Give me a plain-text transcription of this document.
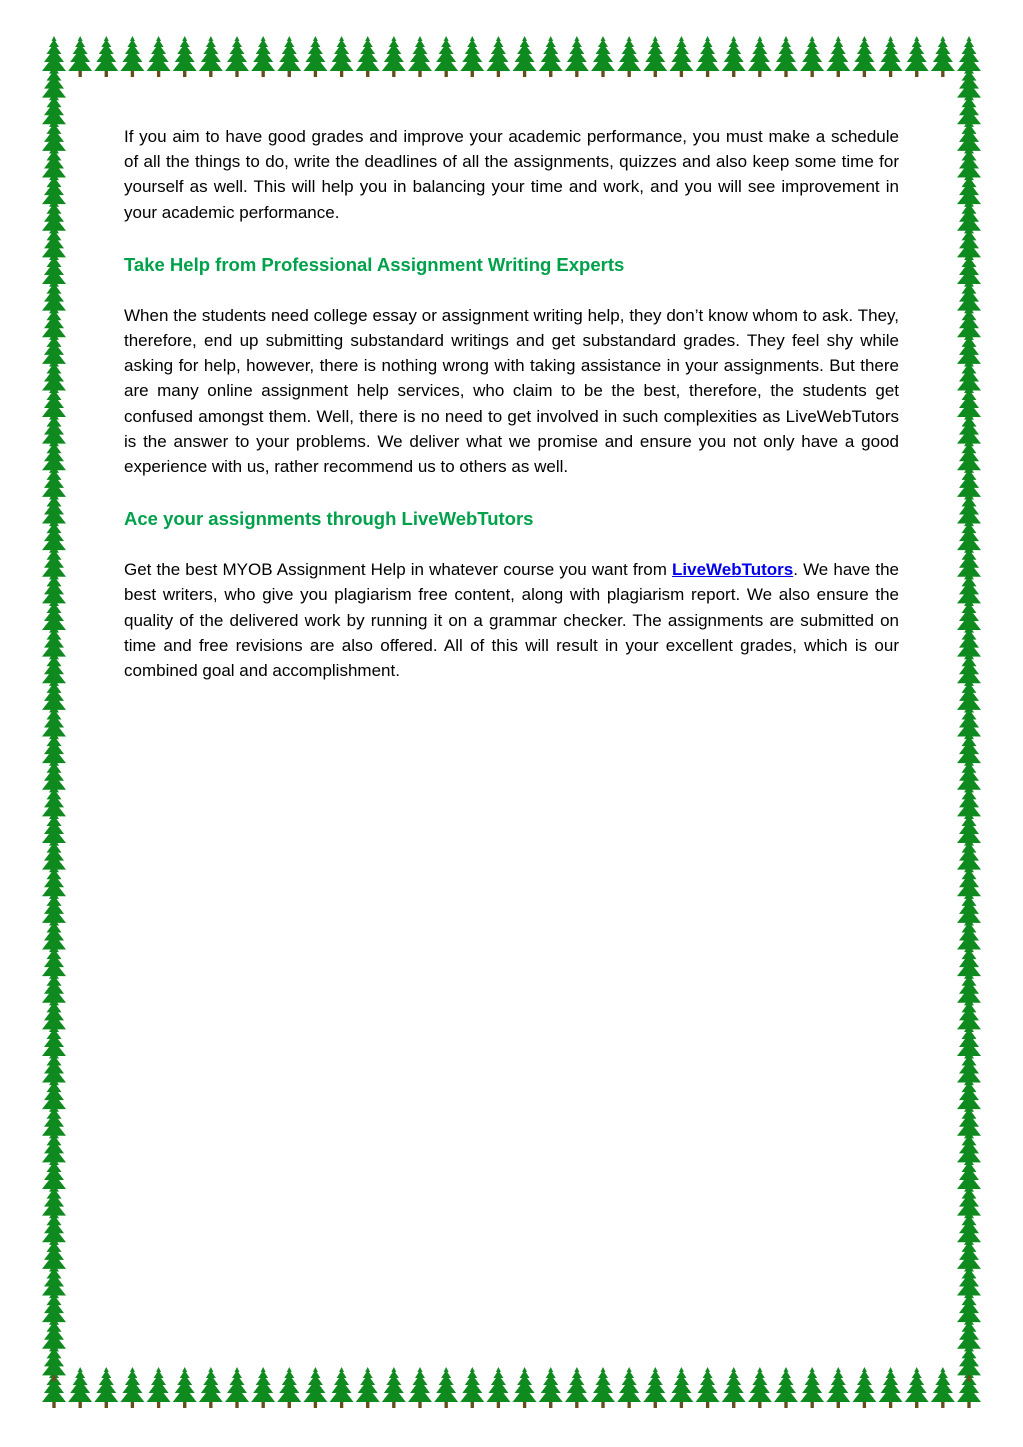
If you aim to have good grades and improve your academic performance, you must make a schedule of all the things to do, write the deadlines of all the assignments, quizzes and also keep some time for yourself as well. This will help you in balancing your time and work, and you will see improvement in your academic performance.

Take Help from Professional Assignment Writing Experts

When the students need college essay or assignment writing help, they don’t know whom to ask. They, therefore, end up submitting substandard writings and get substandard grades. They feel shy while asking for help, however, there is nothing wrong with taking assistance in your assignments. But there are many online assignment help services, who claim to be the best, therefore, the students get confused amongst them. Well, there is no need to get involved in such complexities as LiveWebTutors is the answer to your problems. We deliver what we promise and ensure you not only have a good experience with us, rather recommend us to others as well.

Ace your assignments through LiveWebTutors

Get the best MYOB Assignment Help in whatever course you want from LiveWebTutors. We have the best writers, who give you plagiarism free content, along with plagiarism report. We also ensure the quality of the delivered work by running it on a grammar checker. The assignments are submitted on time and free revisions are also offered. All of this will result in your excellent grades, which is our combined goal and accomplishment.
